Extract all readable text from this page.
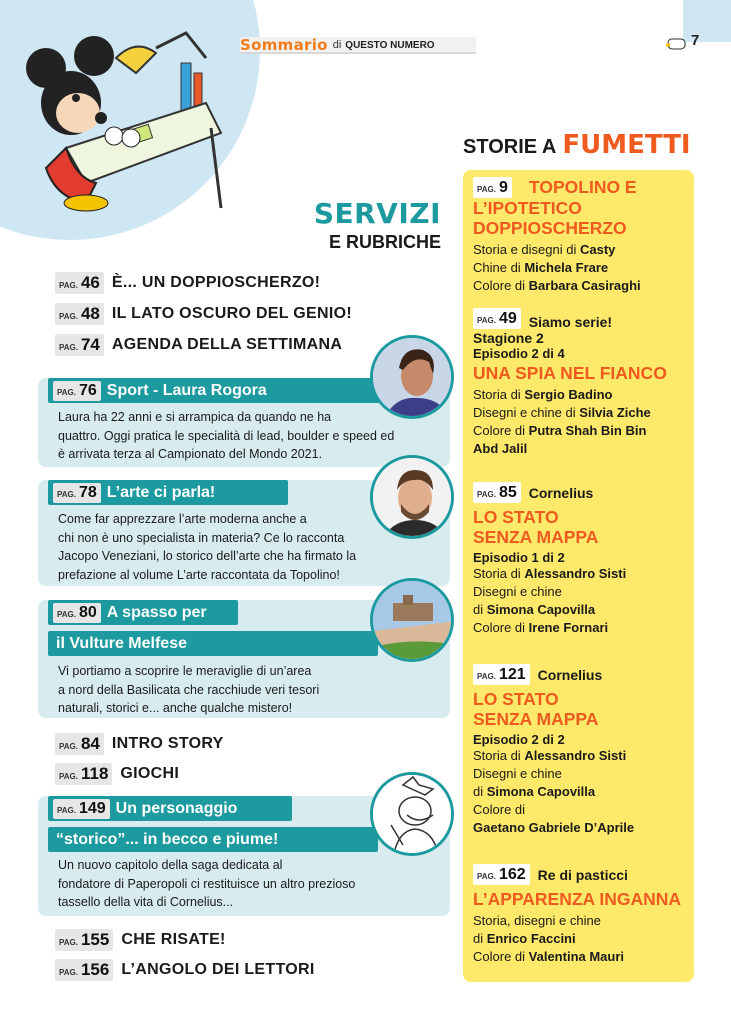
Sommario di QUESTO NUMERO	7
SERVIZI
E RUBRICHE
PAG. 46 È... UN DOPPIOSCHERZO!
PAG. 48 IL LATO OSCURO DEL GENIO!
PAG. 74 AGENDA DELLA SETTIMANA
PAG. 76 Sport - Laura Rogora
Laura ha 22 anni e si arrampica da quando ne ha
quattro. Oggi pratica le specialità di lead, boulder e speed ed
è arrivata terza al Campionato del Mondo 2021.
PAG. 78 L’arte ci parla!
Come far apprezzare l’arte moderna anche a
chi non è uno specialista in materia? Ce lo racconta
Jacopo Veneziani, lo storico dell’arte che ha firmato la
prefazione al volume L’arte raccontata da Topolino!
PAG. 80 A spasso per
il Vulture Melfese
Vi portiamo a scoprire le meraviglie di un’area
a nord della Basilicata che racchiude veri tesori
naturali, storici e... anche qualche mistero!
PAG. 84 INTRO STORY
PAG. 118 GIOCHI
PAG. 149 Un personaggio
“storico”... in becco e piume!
Un nuovo capitolo della saga dedicata al
fondatore di Paperopoli ci restituisce un altro prezioso
tassello della vita di Cornelius...
PAG. 155 CHE RISATE!
PAG. 156 L’ANGOLO DEI LETTORI
STORIE A FUMETTI
PAG. 9	TOPOLINO E
L’IPOTETICO
DOPPIOSCHERZO
Storia e disegni di Casty
Chine di Michela Frare
Colore di Barbara Casiraghi
PAG. 49 Siamo serie!
Stagione 2
Episodio 2 di 4
UNA SPIA NEL FIANCO
Storia di Sergio Badino
Disegni e chine di Silvia Ziche
Colore di Putra Shah Bin Bin
Abd Jalil
PAG. 85 Cornelius
LO STATO
SENZA MAPPA
Episodio 1 di 2
Storia di Alessandro Sisti
Disegni e chine
di Simona Capovilla
Colore di Irene Fornari
PAG. 121 Cornelius
LO STATO
SENZA MAPPA
Episodio 2 di 2
Storia di Alessandro Sisti
Disegni e chine
di Simona Capovilla
Colore di
Gaetano Gabriele D’Aprile
PAG. 162 Re di pasticci
L’APPARENZA INGANNA
Storia, disegni e chine
di Enrico Faccini
Colore di Valentina Mauri
